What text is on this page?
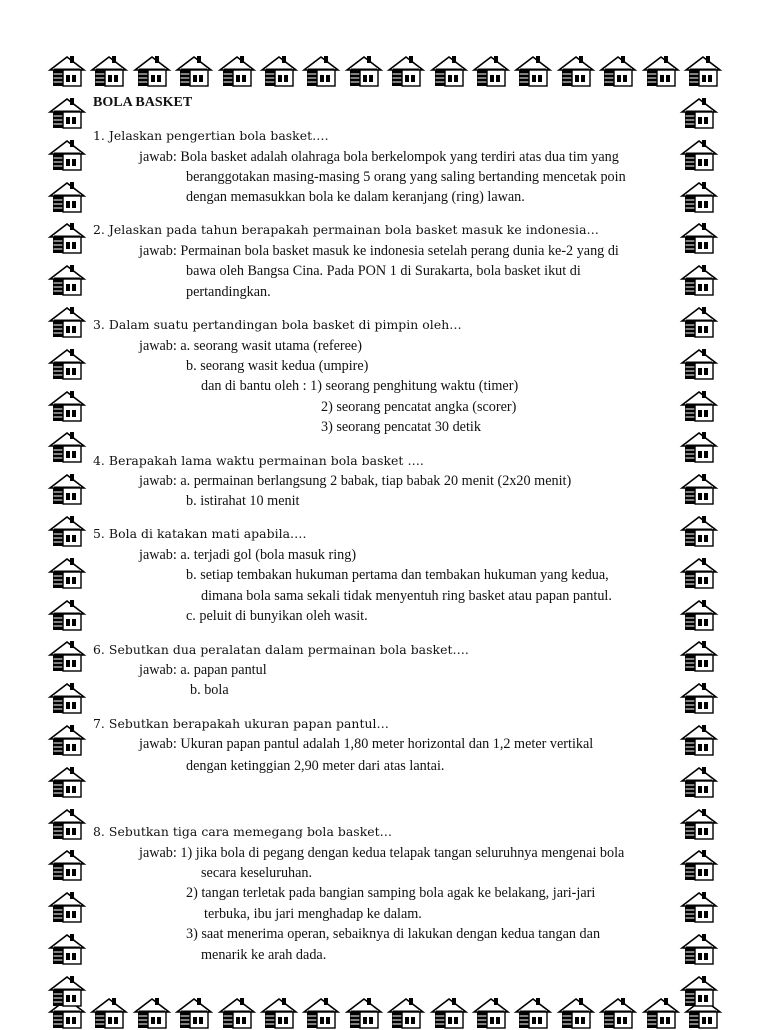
BOLA BASKET
1. Jelaskan pengertian bola basket….
jawab: Bola basket adalah olahraga bola berkelompok yang terdiri atas dua tim yang
beranggotakan masing-masing 5 orang yang saling bertanding mencetak poin
dengan memasukkan bola ke dalam keranjang (ring) lawan.
2. Jelaskan pada tahun berapakah permainan bola basket masuk ke indonesia…
jawab: Permainan bola basket masuk ke indonesia setelah perang dunia ke-2 yang di
bawa oleh Bangsa Cina. Pada PON 1 di Surakarta, bola basket ikut di
pertandingkan.
3. Dalam suatu pertandingan bola basket di pimpin oleh…
jawab: a. seorang wasit utama (referee)
b. seorang wasit kedua (umpire)
dan di bantu oleh : 1) seorang penghitung waktu (timer)
2) seorang pencatat angka (scorer)
3) seorang pencatat 30 detik
4. Berapakah lama waktu permainan bola basket ….
jawab: a. permainan berlangsung 2 babak, tiap babak 20 menit (2x20 menit)
b. istirahat 10 menit
5. Bola di katakan mati apabila….
jawab: a. terjadi gol (bola masuk ring)
b. setiap tembakan hukuman pertama dan tembakan hukuman yang kedua,
dimana bola sama sekali tidak menyentuh ring basket atau papan pantul.
c. peluit di bunyikan oleh wasit.
6. Sebutkan dua peralatan dalam permainan bola basket….
jawab: a. papan pantul
b. bola
7. Sebutkan berapakah ukuran papan pantul…
jawab: Ukuran papan pantul adalah 1,80 meter horizontal dan 1,2 meter vertikal
dengan ketinggian 2,90 meter dari atas lantai.
8. Sebutkan tiga cara memegang bola basket…
jawab: 1) jika bola di pegang dengan kedua telapak tangan seluruhnya mengenai bola
secara keseluruhan.
2) tangan terletak pada bangian samping bola agak ke belakang, jari-jari
terbuka, ibu jari menghadap ke dalam.
3) saat menerima operan, sebaiknya di lakukan dengan kedua tangan dan
menarik ke arah dada.
